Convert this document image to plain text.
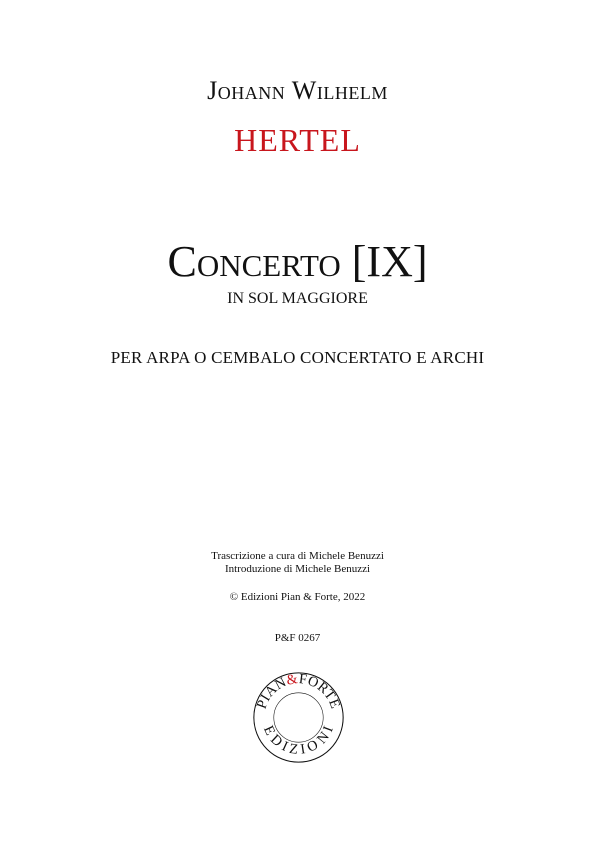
Johann Wilhelm
HERTEL
Concerto [IX]
IN SOL MAGGIORE
PER ARPA O CEMBALO CONCERTATO E ARCHI
Trascrizione a cura di Michele Benuzzi
Introduzione di Michele Benuzzi
© Edizioni Pian & Forte, 2022
P&F 0267
PIAN&FORTE
EDIZIONI
